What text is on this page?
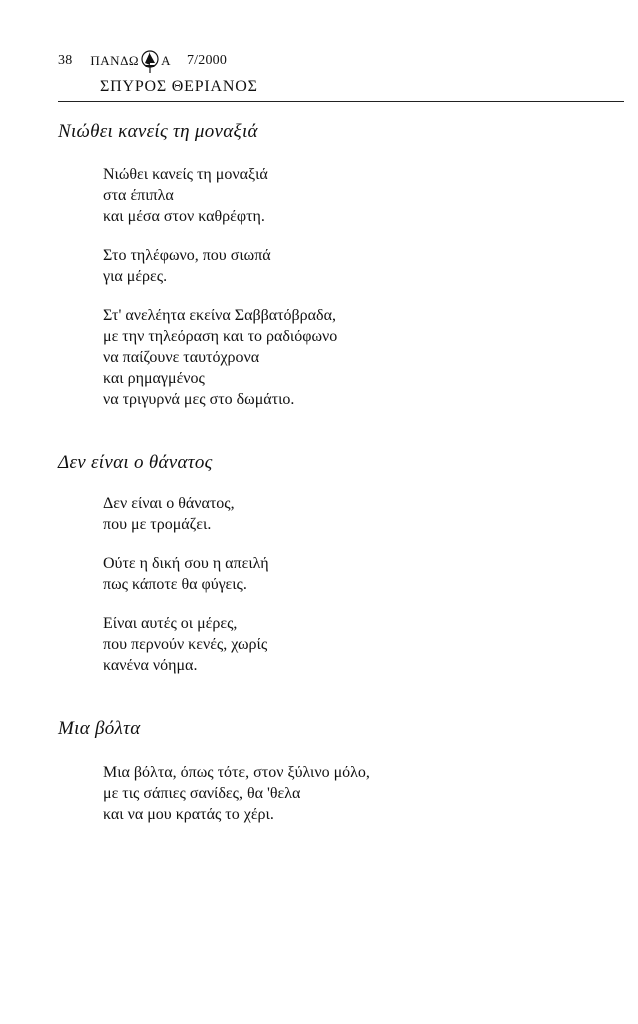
38 ΠΑΝΔΩ Α 7/2000
ΣΠΥΡΟΣ ΘΕΡΙΑΝΟΣ
Νιώθει κανείς τη μοναξιά
Νιώθει κανείς τη μοναξιά
στα έπιπλα
και μέσα στον καθρέφτη.
Στο τηλέφωνο, που σιωπά
για μέρες.
Στ' ανελέητα εκείνα Σαββατόβραδα,
με την τηλεόραση και το ραδιόφωνο
να παίζουνε ταυτόχρονα
και ρημαγμένος
να τριγυρνά μες στο δωμάτιο.
Δεν είναι ο θάνατος
Δεν είναι ο θάνατος,
που με τρομάζει.
Ούτε η δική σου η απειλή
πως κάποτε θα φύγεις.
Είναι αυτές οι μέρες,
που περνούν κενές, χωρίς
κανένα νόημα.
Μια βόλτα
Μια βόλτα, όπως τότε, στον ξύλινο μόλο,
με τις σάπιες σανίδες, θα 'θελα
και να μου κρατάς το χέρι.
